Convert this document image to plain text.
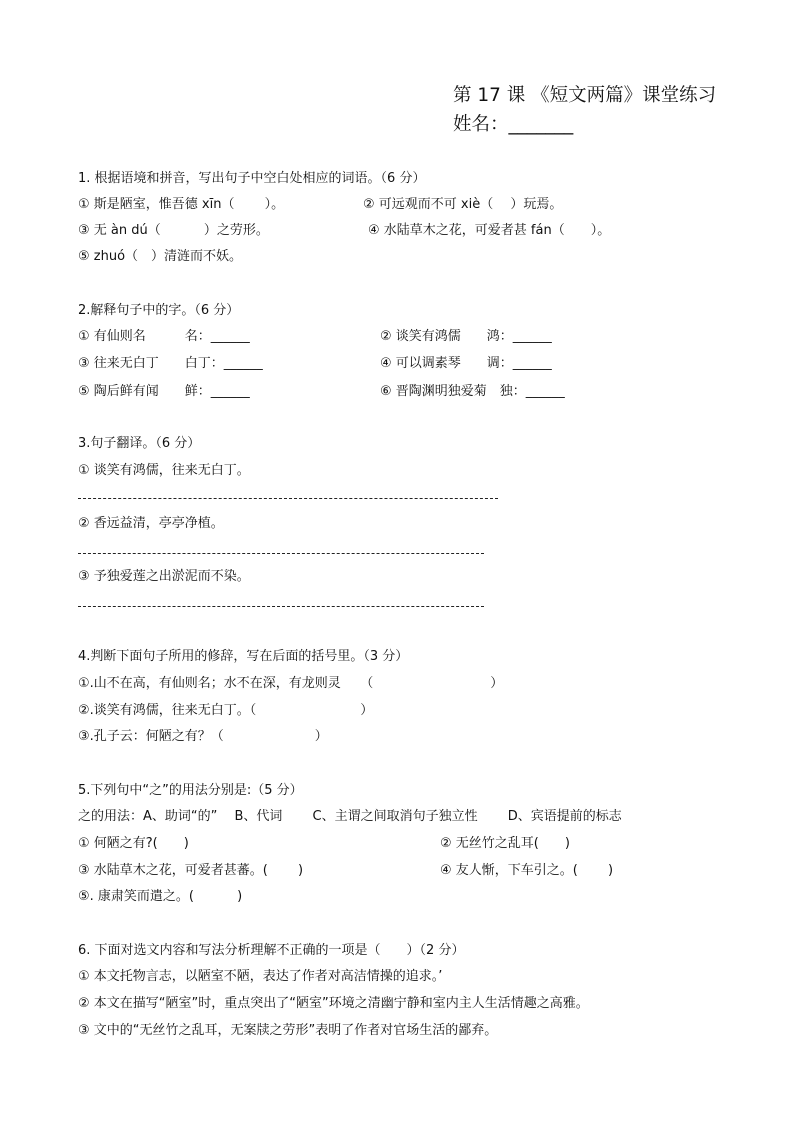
第 17 课 《短文两篇》课堂练习
姓名：_______
1. 根据语境和拼音，写出句子中空白处相应的词语。（6 分）
① 斯是陋室，惟吾德 xīn（　　 ）。	② 可远观而不可 xiè（　 ）玩焉。
③ 无 àn dú（　　　 ）之劳形。	④ 水陆草木之花，可爱者甚 fán（　　）。
⑤ zhuó（　）清涟而不妖。
2.解释句子中的字。（6 分）
① 有仙则名　　　名：______	② 谈笑有鸿儒　　鸿：______
③ 往来无白丁　　白丁：______	④ 可以调素琴　　调：______
⑤ 陶后鲜有闻　　鲜：______	⑥ 晋陶渊明独爱菊　独：______
3.句子翻译。（6 分）
① 谈笑有鸿儒，往来无白丁。
② 香远益清，亭亭净植。
③ 予独爱莲之出淤泥而不染。
4.判断下面句子所用的修辞，写在后面的括号里。（3 分）
①.山不在高，有仙则名；水不在深，有龙则灵　　（　　　　　　　　　）
②.谈笑有鸿儒，往来无白丁。（　　　　　　　　）
③.孔子云：何陋之有？（　　　　　　　）
5.下列句中“之”的用法分别是:（5 分）
之的用法：A、助词“的”　 B、代词　　 C、主谓之间取消句子独立性　　 D、宾语提前的标志
① 何陋之有?(　　)	② 无丝竹之乱耳(　　)
③ 水陆草木之花，可爱者甚蕃。(　　 )	④ 友人惭，下车引之。(　　 )
⑤. 康肃笑而遣之。(　　　 )
6. 下面对选文内容和写法分析理解不正确的一项是（　　）（2 分）
① 本文托物言志，以陋室不陋，表达了作者对高洁情操的追求。’
② 本文在描写“陋室”时，重点突出了“陋室”环境之清幽宁静和室内主人生活情趣之高雅。
③ 文中的“无丝竹之乱耳，无案牍之劳形”表明了作者对官场生活的鄙弃。
